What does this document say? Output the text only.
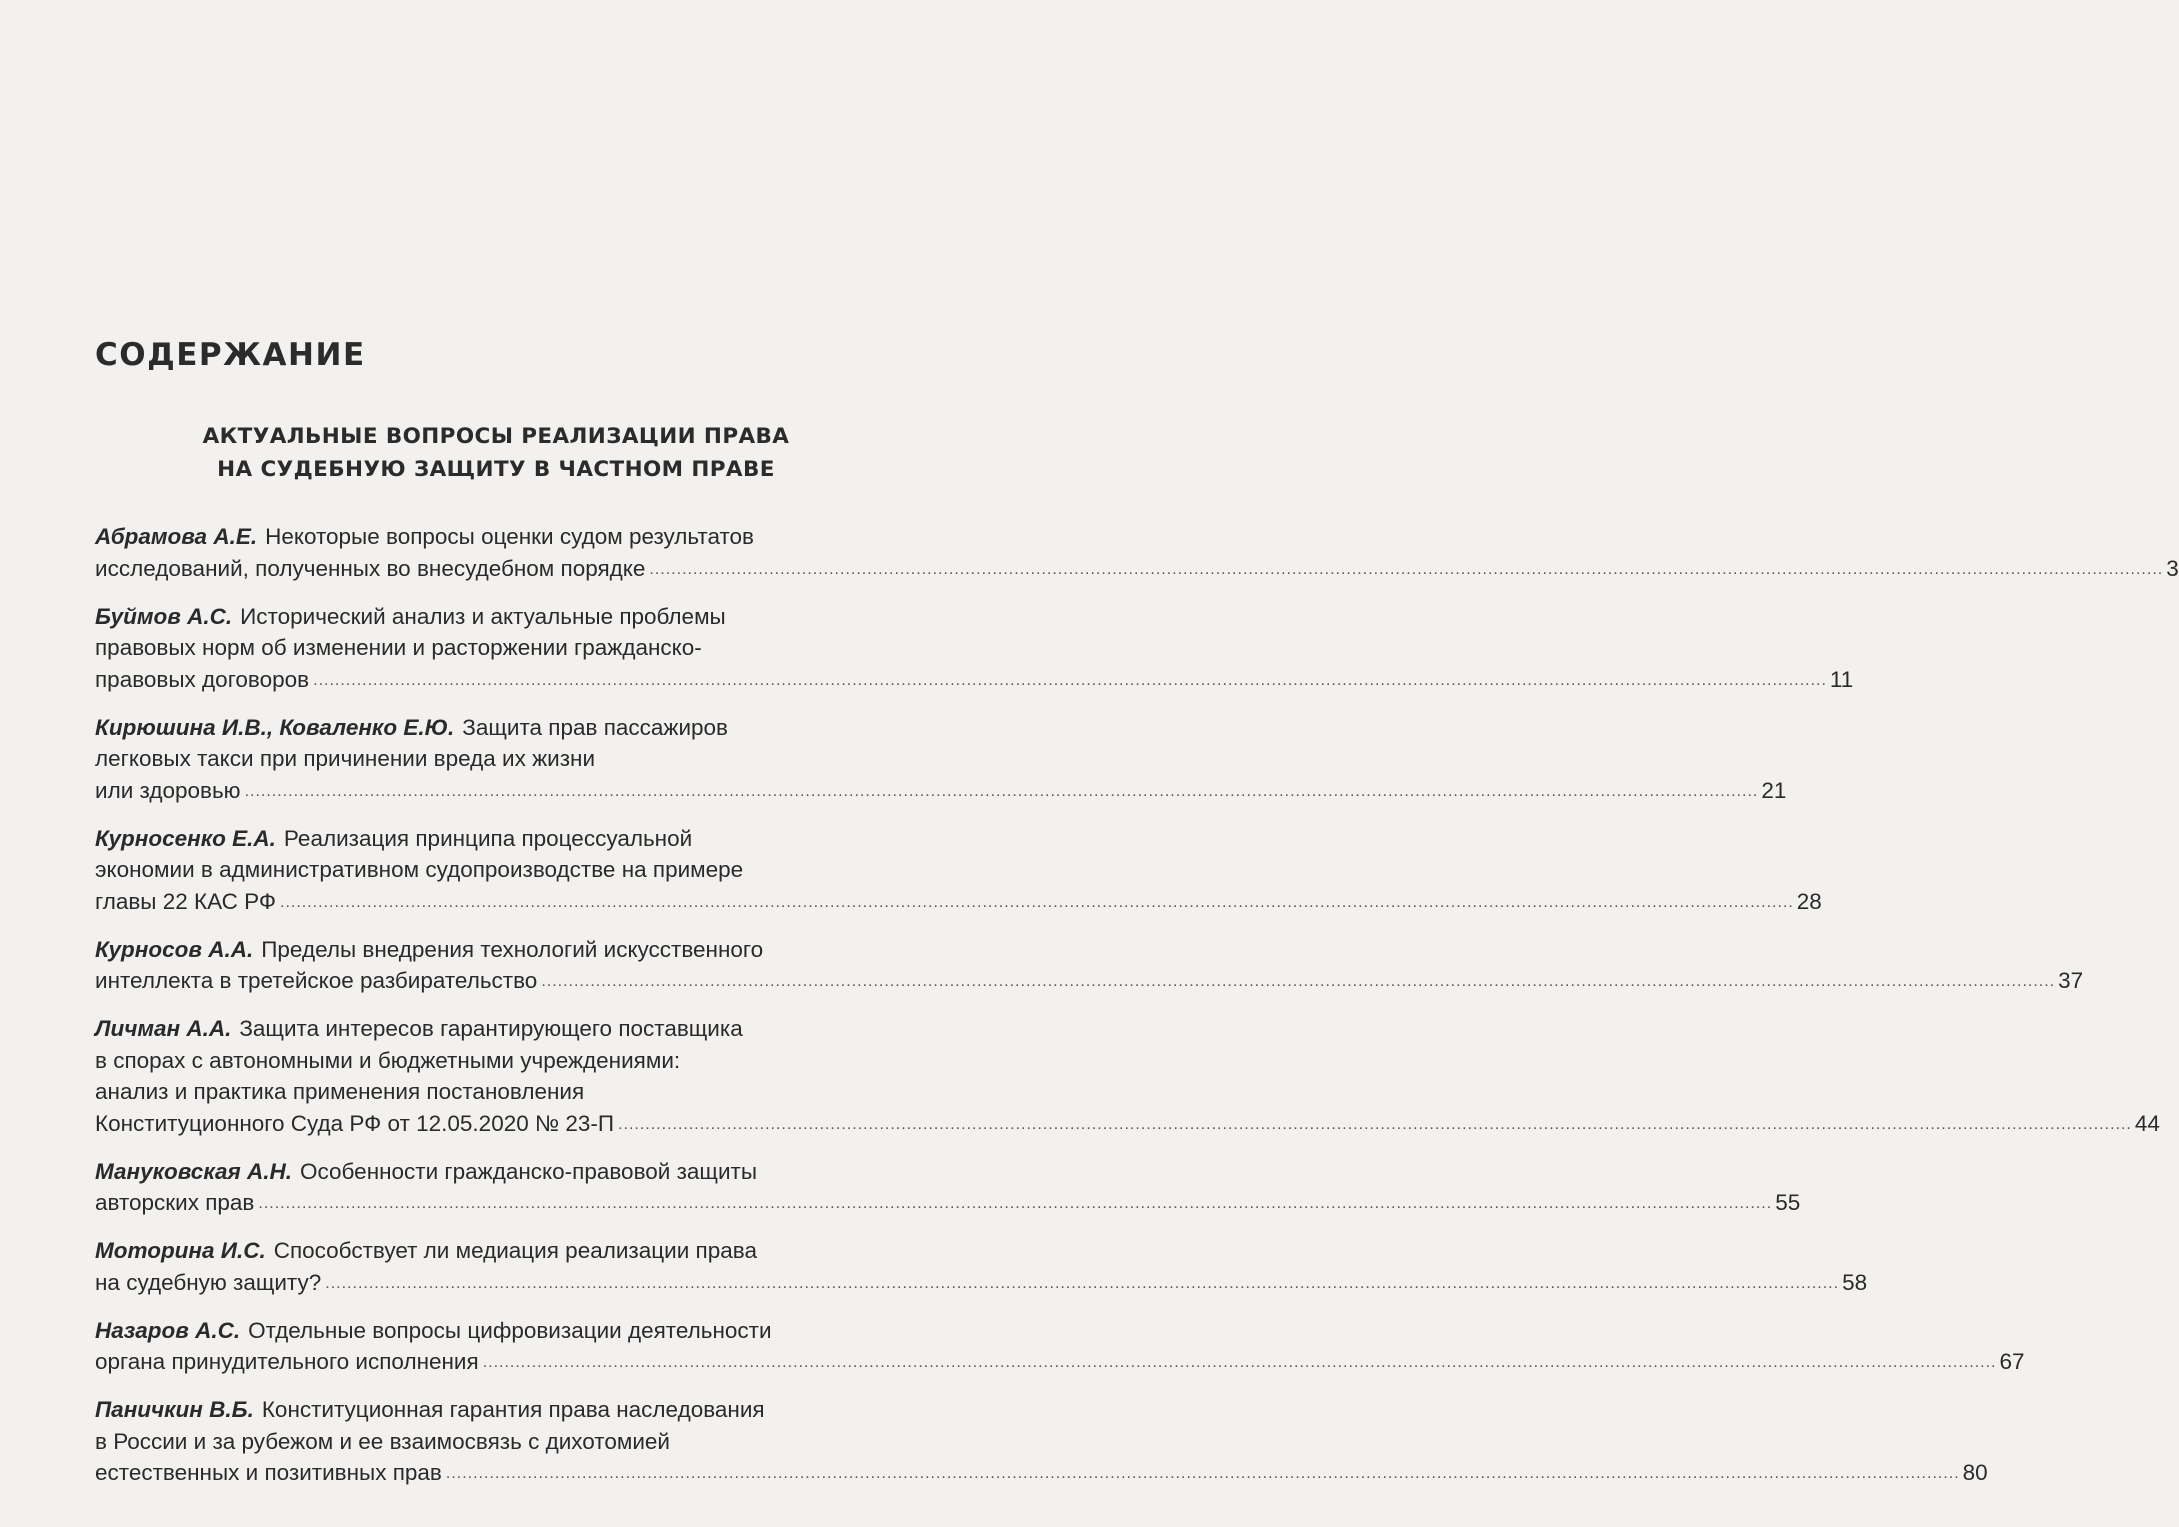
СОДЕРЖАНИЕ
АКТУАЛЬНЫЕ ВОПРОСЫ РЕАЛИЗАЦИИ ПРАВА
НА СУДЕБНУЮ ЗАЩИТУ В ЧАСТНОМ ПРАВЕ
Абрамова А.Е. Некоторые вопросы оценки судом результатов
исследований, полученных во внесудебном порядке .....	3
Буймов А.С. Исторический анализ и актуальные проблемы
правовых норм об изменении и расторжении гражданско-
правовых договоров .....	11
Кирюшина И.В., Коваленко Е.Ю. Защита прав пассажиров
легковых такси при причинении вреда их жизни
или здоровью .....	21
Курносенко Е.А. Реализация принципа процессуальной
экономии в административном судопроизводстве на примере
главы 22 КАС РФ .....	28
Курносов А.А. Пределы внедрения технологий искусственного
интеллекта в третейское разбирательство .....	37
Личман А.А. Защита интересов гарантирующего поставщика
в спорах с автономными и бюджетными учреждениями:
анализ и практика применения постановления
Конституционного Суда РФ от 12.05.2020 № 23-П .....	44
Мануковская А.Н. Особенности гражданско-правовой защиты
авторских прав .....	55
Моторина И.С. Способствует ли медиация реализации права
на судебную защиту? .....	58
Назаров А.С. Отдельные вопросы цифровизации деятельности
органа принудительного исполнения .....	67
Паничкин В.Б. Конституционная гарантия права наследования
в России и за рубежом и ее взаимосвязь с дихотомией
естественных и позитивных прав .....	80
